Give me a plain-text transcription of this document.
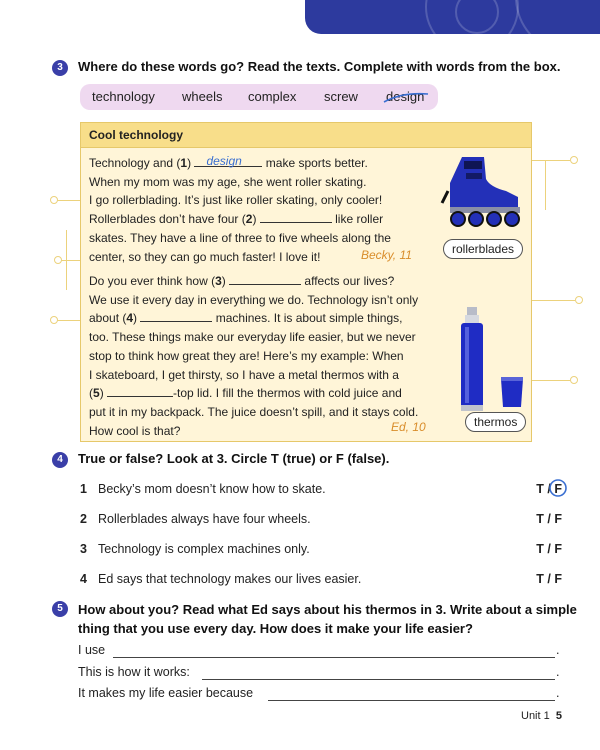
3	Where do these words go? Read the texts. Complete with words from the box.
technology wheels complex screw design
Cool technology
Technology and (1) design make sports better.
When my mom was my age, she went roller skating.
I go rollerblading. It’s just like roller skating, only cooler!
Rollerblades don’t have four (2)	like roller
skates. They have a line of three to five wheels along the
center, so they can go much faster! I love it!	Becky, 11
Do you ever think how (3)	affects our lives?
We use it every day in everything we do. Technology isn’t only
about (4)	machines. It is about simple things,
too. These things make our everyday life easier, but we never
stop to think how great they are! Here’s my example: When
I skateboard, I get thirsty, so I have a metal thermos with a
(5)	-top lid. I fill the thermos with cold juice and
put it in my backpack. The juice doesn’t spill, and it stays cold.
How cool is that?	Ed, 10
rollerblades
thermos
4	True or false? Look at 3. Circle T (true) or F (false).
1 Becky’s mom doesn’t know how to skate.	T / F
2 Rollerblades always have four wheels.	T / F
3 Technology is complex machines only.	T / F
4 Ed says that technology makes our lives easier.	T / F
5	How about you? Read what Ed says about his thermos in 3. Write about a simple
thing that you use every day. How does it make your life easier?
I use	.
This is how it works:	.
It makes my life easier because	.
Unit 1 5
